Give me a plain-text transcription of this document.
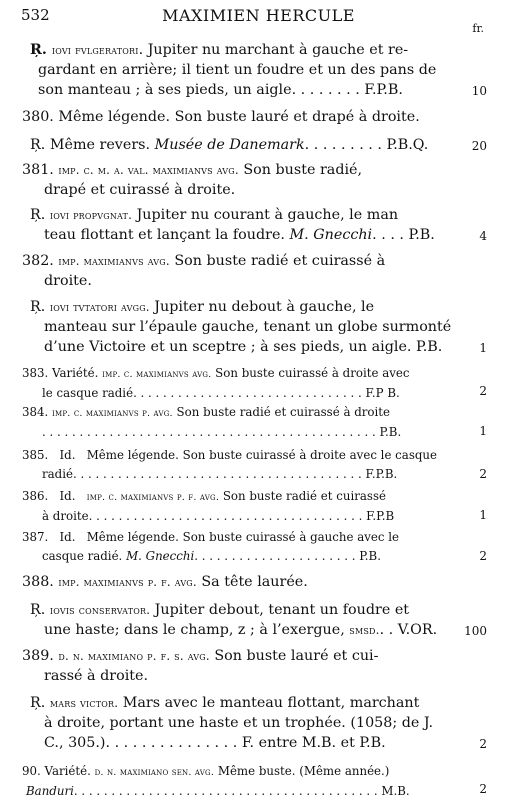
532	MAXIMIEN HERCULE
fr.
Ŗ. iovi fvlgeratori. Jupiter nu marchant à gauche et re-
gardant en arrière; il tient un foudre et un des pans de
son manteau ; à ses pieds, un aigle. . . . . . . . F.P.B.	10
380. Même légende. Son buste lauré et drapé à droite.
Ŗ. Même revers. Musée de Danemark. . . . . . . . . P.B.Q.	20
381. imp. c. m. a. val. maximianvs avg. Son buste radié,
drapé et cuirassé à droite.
Ŗ. iovi propvgnat. Jupiter nu courant à gauche, le man
teau flottant et lançant la foudre. M. Gnecchi. . . . P.B.	4
382. imp. maximianvs avg. Son buste radié et cuirassé à
droite.
Ŗ. iovi tvtatori avgg. Jupiter nu debout à gauche, le
manteau sur l’épaule gauche, tenant un globe surmonté
d’une Victoire et un sceptre ; à ses pieds, un aigle. P.B.	1
383. Variété. imp. c. maximianvs avg. Son buste cuirassé à droite avec
le casque radié. . . . . . . . . . . . . . . . . . . . . . . . . . . . . . . F.P B.	2
384. imp. c. maximianvs p. avg. Son buste radié et cuirassé à droite
. . . . . . . . . . . . . . . . . . . . . . . . . . . . . . . . . . . . . . . . . . . . . P.B.	1
385.   Id.   Même légende. Son buste cuirassé à droite avec le casque
radié. . . . . . . . . . . . . . . . . . . . . . . . . . . . . . . . . . . . . . . F.P.B.	2
386.   Id.   imp. c. maximianvs p. f. avg. Son buste radié et cuirassé
à droite. . . . . . . . . . . . . . . . . . . . . . . . . . . . . . . . . . . . . F.P.B	1
387.   Id.   Même légende. Son buste cuirassé à gauche avec le
casque radié. M. Gnecchi. . . . . . . . . . . . . . . . . . . . . . P.B.	2
388. imp. maximianvs p. f. avg. Sa tête laurée.
Ŗ. iovis conservator. Jupiter debout, tenant un foudre et
une haste; dans le champ, z ; à l’exergue, smsd.. . V.OR.	100
389. d. n. maximiano p. f. s. avg. Son buste lauré et cui-
rassé à droite.
Ŗ. mars victor. Mars avec le manteau flottant, marchant
à droite, portant une haste et un trophée. (1058; de J.
C., 305.). . . . . . . . . . . . . . . F. entre M.B. et P.B.	2
90. Variété. d. n. maximiano sen. avg. Même buste. (Même année.)
Banduri. . . . . . . . . . . . . . . . . . . . . . . . . . . . . . . . . . . . . . . . . M.B.	2
